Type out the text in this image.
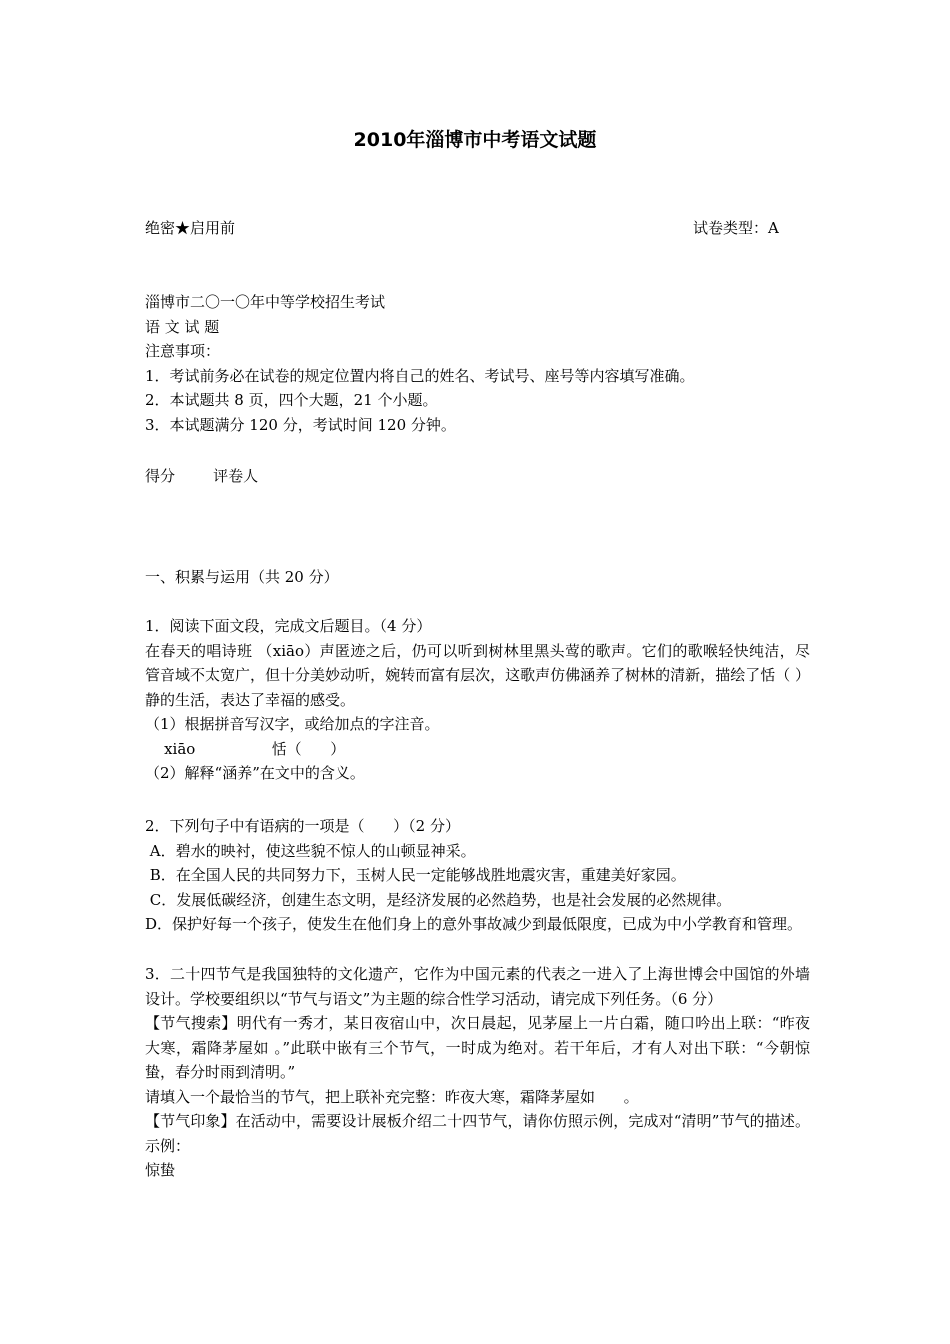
2010年淄博市中考语文试题
绝密★启用前	试卷类型：A
淄博市二〇一〇年中等学校招生考试
语 文 试 题
注意事项：
1．考试前务必在试卷的规定位置内将自己的姓名、考试号、座号等内容填写准确。
2．本试题共 8 页，四个大题，21 个小题。
3．本试题满分 120 分，考试时间 120 分钟。
得分        评卷人
一、积累与运用（共 20 分）
1．阅读下面文段，完成文后题目。（4 分）
在春天的唱诗班 （xiāo）声匿迹之后，仍可以听到树林里黑头莺的歌声。它们的歌喉轻快纯洁，尽管音域不太宽广，但十分美妙动听，婉转而富有层次，这歌声仿佛涵养了树林的清新，描绘了恬（ ）静的生活，表达了幸福的感受。
（1）根据拼音写汉字，或给加点的字注音。
xiāo                恬（      ）
（2）解释“涵养”在文中的含义。
2．下列句子中有语病的一项是（      ）（2 分）
A．碧水的映衬，使这些貌不惊人的山顿显神采。
B．在全国人民的共同努力下，玉树人民一定能够战胜地震灾害，重建美好家园。
C．发展低碳经济，创建生态文明，是经济发展的必然趋势，也是社会发展的必然规律。
D．保护好每一个孩子，使发生在他们身上的意外事故减少到最低限度，已成为中小学教育和管理。
3．二十四节气是我国独特的文化遗产，它作为中国元素的代表之一进入了上海世博会中国馆的外墙设计。学校要组织以“节气与语文”为主题的综合性学习活动，请完成下列任务。（6 分）
【节气搜索】明代有一秀才，某日夜宿山中，次日晨起，见茅屋上一片白霜，随口吟出上联：“昨夜大寒，霜降茅屋如 。”此联中嵌有三个节气，一时成为绝对。若干年后，才有人对出下联：“今朝惊蛰，春分时雨到清明。”
请填入一个最恰当的节气，把上联补充完整：昨夜大寒，霜降茅屋如      。
【节气印象】在活动中，需要设计展板介绍二十四节气，请你仿照示例，完成对“清明”节气的描述。示例：
惊蛰
